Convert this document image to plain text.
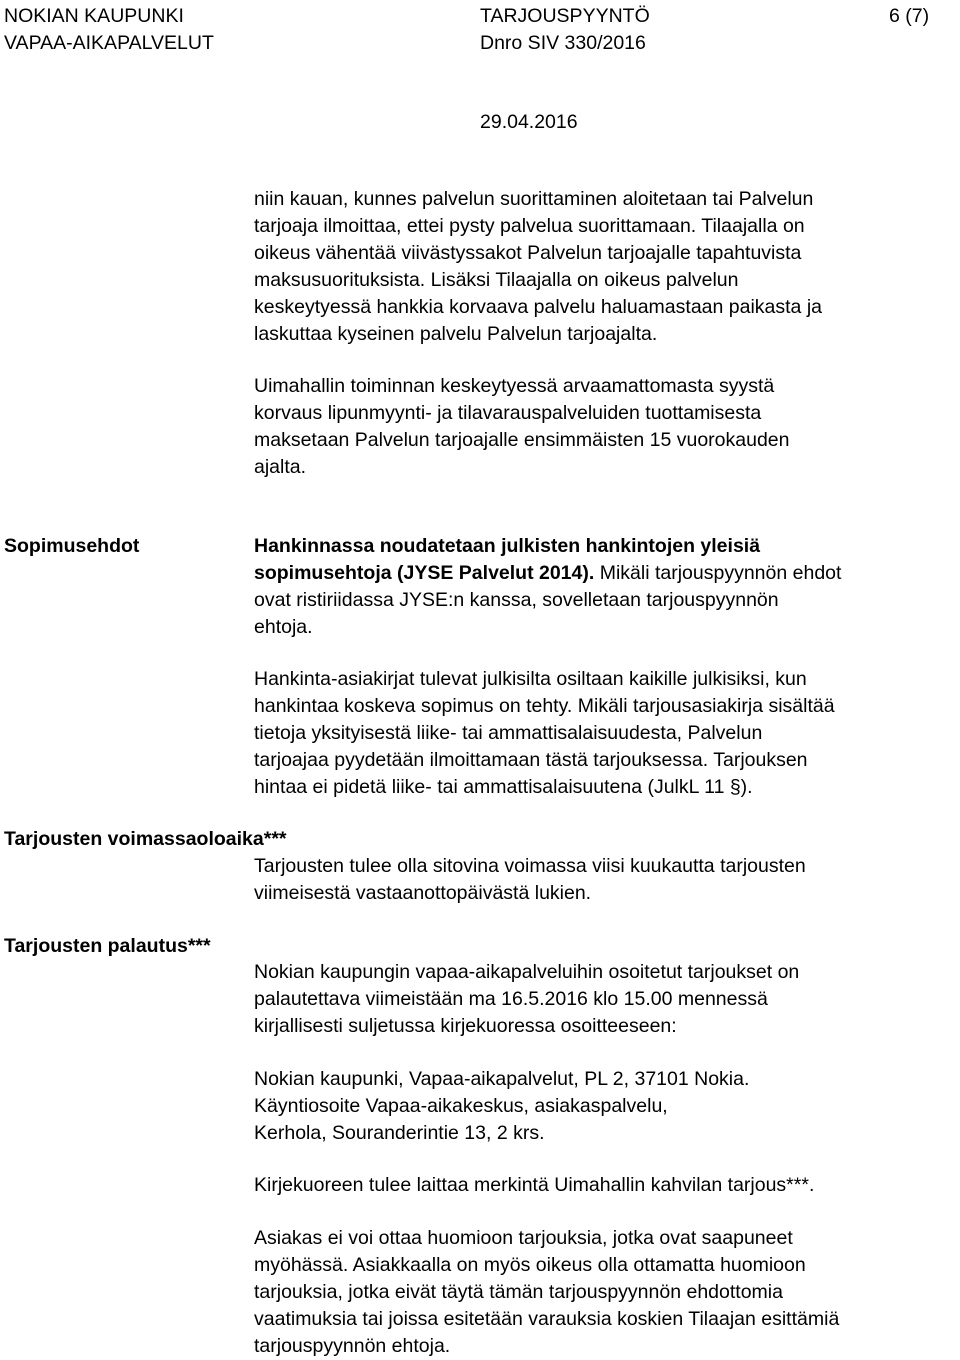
NOKIAN KAUPUNKI
VAPAA-AIKAPALVELUT
TARJOUSPYYNTÖ
Dnro SIV 330/2016
6 (7)
29.04.2016

niin kauan, kunnes palvelun suorittaminen aloitetaan tai Palvelun

tarjoaja ilmoittaa, ettei pysty palvelua suorittamaan. Tilaajalla on

oikeus vähentää viivästyssakot Palvelun tarjoajalle tapahtuvista

maksusuorituksista. Lisäksi Tilaajalla on oikeus palvelun

keskeytyessä hankkia korvaava palvelu haluamastaan paikasta ja

laskuttaa kyseinen palvelu Palvelun tarjoajalta.

Uimahallin toiminnan keskeytyessä arvaamattomasta syystä

korvaus lipunmyynti- ja tilavarauspalveluiden tuottamisesta

maksetaan Palvelun tarjoajalle ensimmäisten 15 vuorokauden

ajalta.

Sopimusehdot	Hankinnassa noudatetaan julkisten hankintojen yleisiä

sopimusehtoja (JYSE Palvelut 2014). Mikäli tarjouspyynnön ehdot

ovat ristiriidassa JYSE:n kanssa, sovelletaan tarjouspyynnön

ehtoja.

Hankinta-asiakirjat tulevat julkisilta osiltaan kaikille julkisiksi, kun

hankintaa koskeva sopimus on tehty. Mikäli tarjousasiakirja sisältää

tietoja yksityisestä liike- tai ammattisalaisuudesta, Palvelun

tarjoajaa pyydetään ilmoittamaan tästä tarjouksessa. Tarjouksen

hintaa ei pidetä liike- tai ammattisalaisuutena (JulkL 11 §).

Tarjousten voimassaoloaika***

Tarjousten tulee olla sitovina voimassa viisi kuukautta tarjousten

viimeisestä vastaanottopäivästä lukien.

Tarjousten palautus***

Nokian kaupungin vapaa-aikapalveluihin osoitetut tarjoukset on

palautettava viimeistään ma 16.5.2016 klo 15.00 mennessä

kirjallisesti suljetussa kirjekuoressa osoitteeseen:

Nokian kaupunki, Vapaa-aikapalvelut, PL 2, 37101 Nokia.

Käyntiosoite Vapaa-aikakeskus, asiakaspalvelu,

Kerhola, Souranderintie 13, 2 krs.

Kirjekuoreen tulee laittaa merkintä Uimahallin kahvilan tarjous***.

Asiakas ei voi ottaa huomioon tarjouksia, jotka ovat saapuneet

myöhässä. Asiakkaalla on myös oikeus olla ottamatta huomioon

tarjouksia, jotka eivät täytä tämän tarjouspyynnön ehdottomia

vaatimuksia tai joissa esitetään varauksia koskien Tilaajan esittämiä

tarjouspyynnön ehtoja.
